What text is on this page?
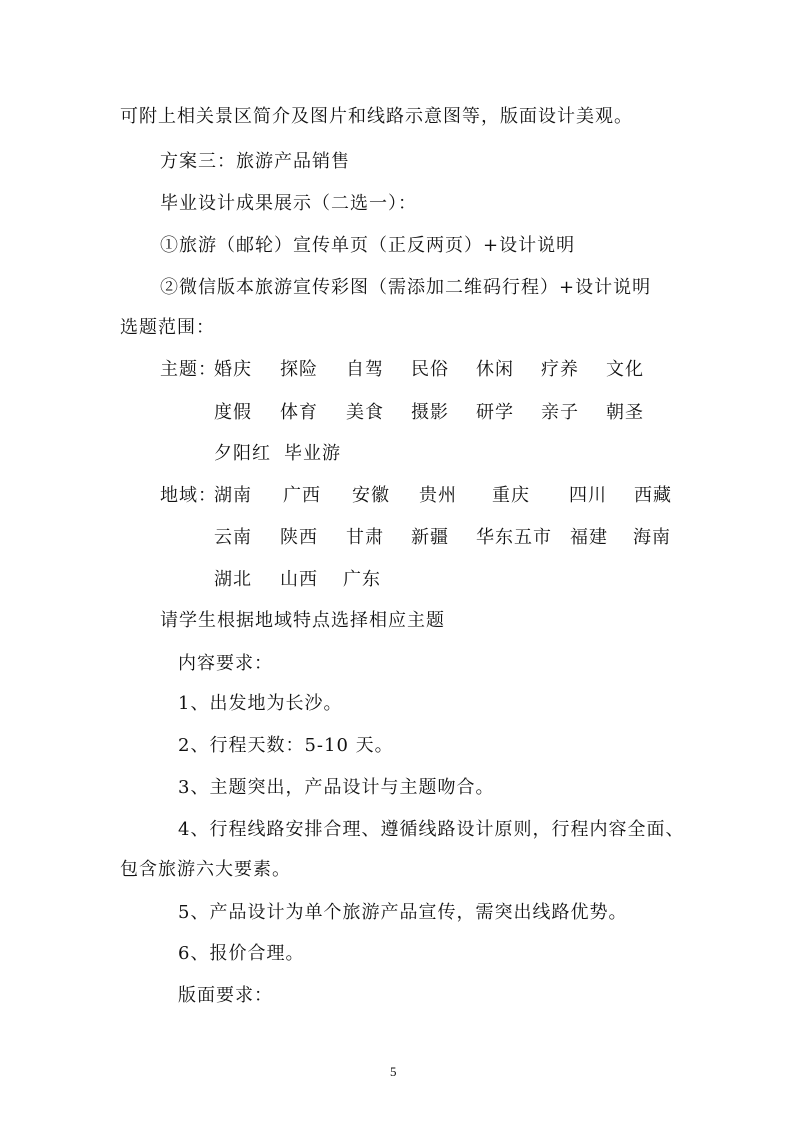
可附上相关景区简介及图片和线路示意图等，版面设计美观。
方案三：旅游产品销售
毕业设计成果展示（二选一）：
①旅游（邮轮）宣传单页（正反两页）+设计说明
②微信版本旅游宣传彩图（需添加二维码行程）+设计说明
选题范围：
主题：
婚庆 探险 自驾 民俗 休闲 疗养 文化
度假 体育 美食 摄影 研学 亲子 朝圣
夕阳红 毕业游
地域：
湖南 广西 安徽 贵州 重庆 四川 西藏
云南 陕西 甘肃 新疆 华东五市 福建 海南
湖北 山西 广东
请学生根据地域特点选择相应主题
内容要求：
1、出发地为长沙。
2、行程天数：5-10 天。
3、主题突出，产品设计与主题吻合。
4、行程线路安排合理、遵循线路设计原则，行程内容全面、
包含旅游六大要素。
5、产品设计为单个旅游产品宣传，需突出线路优势。
6、报价合理。
版面要求：
5
